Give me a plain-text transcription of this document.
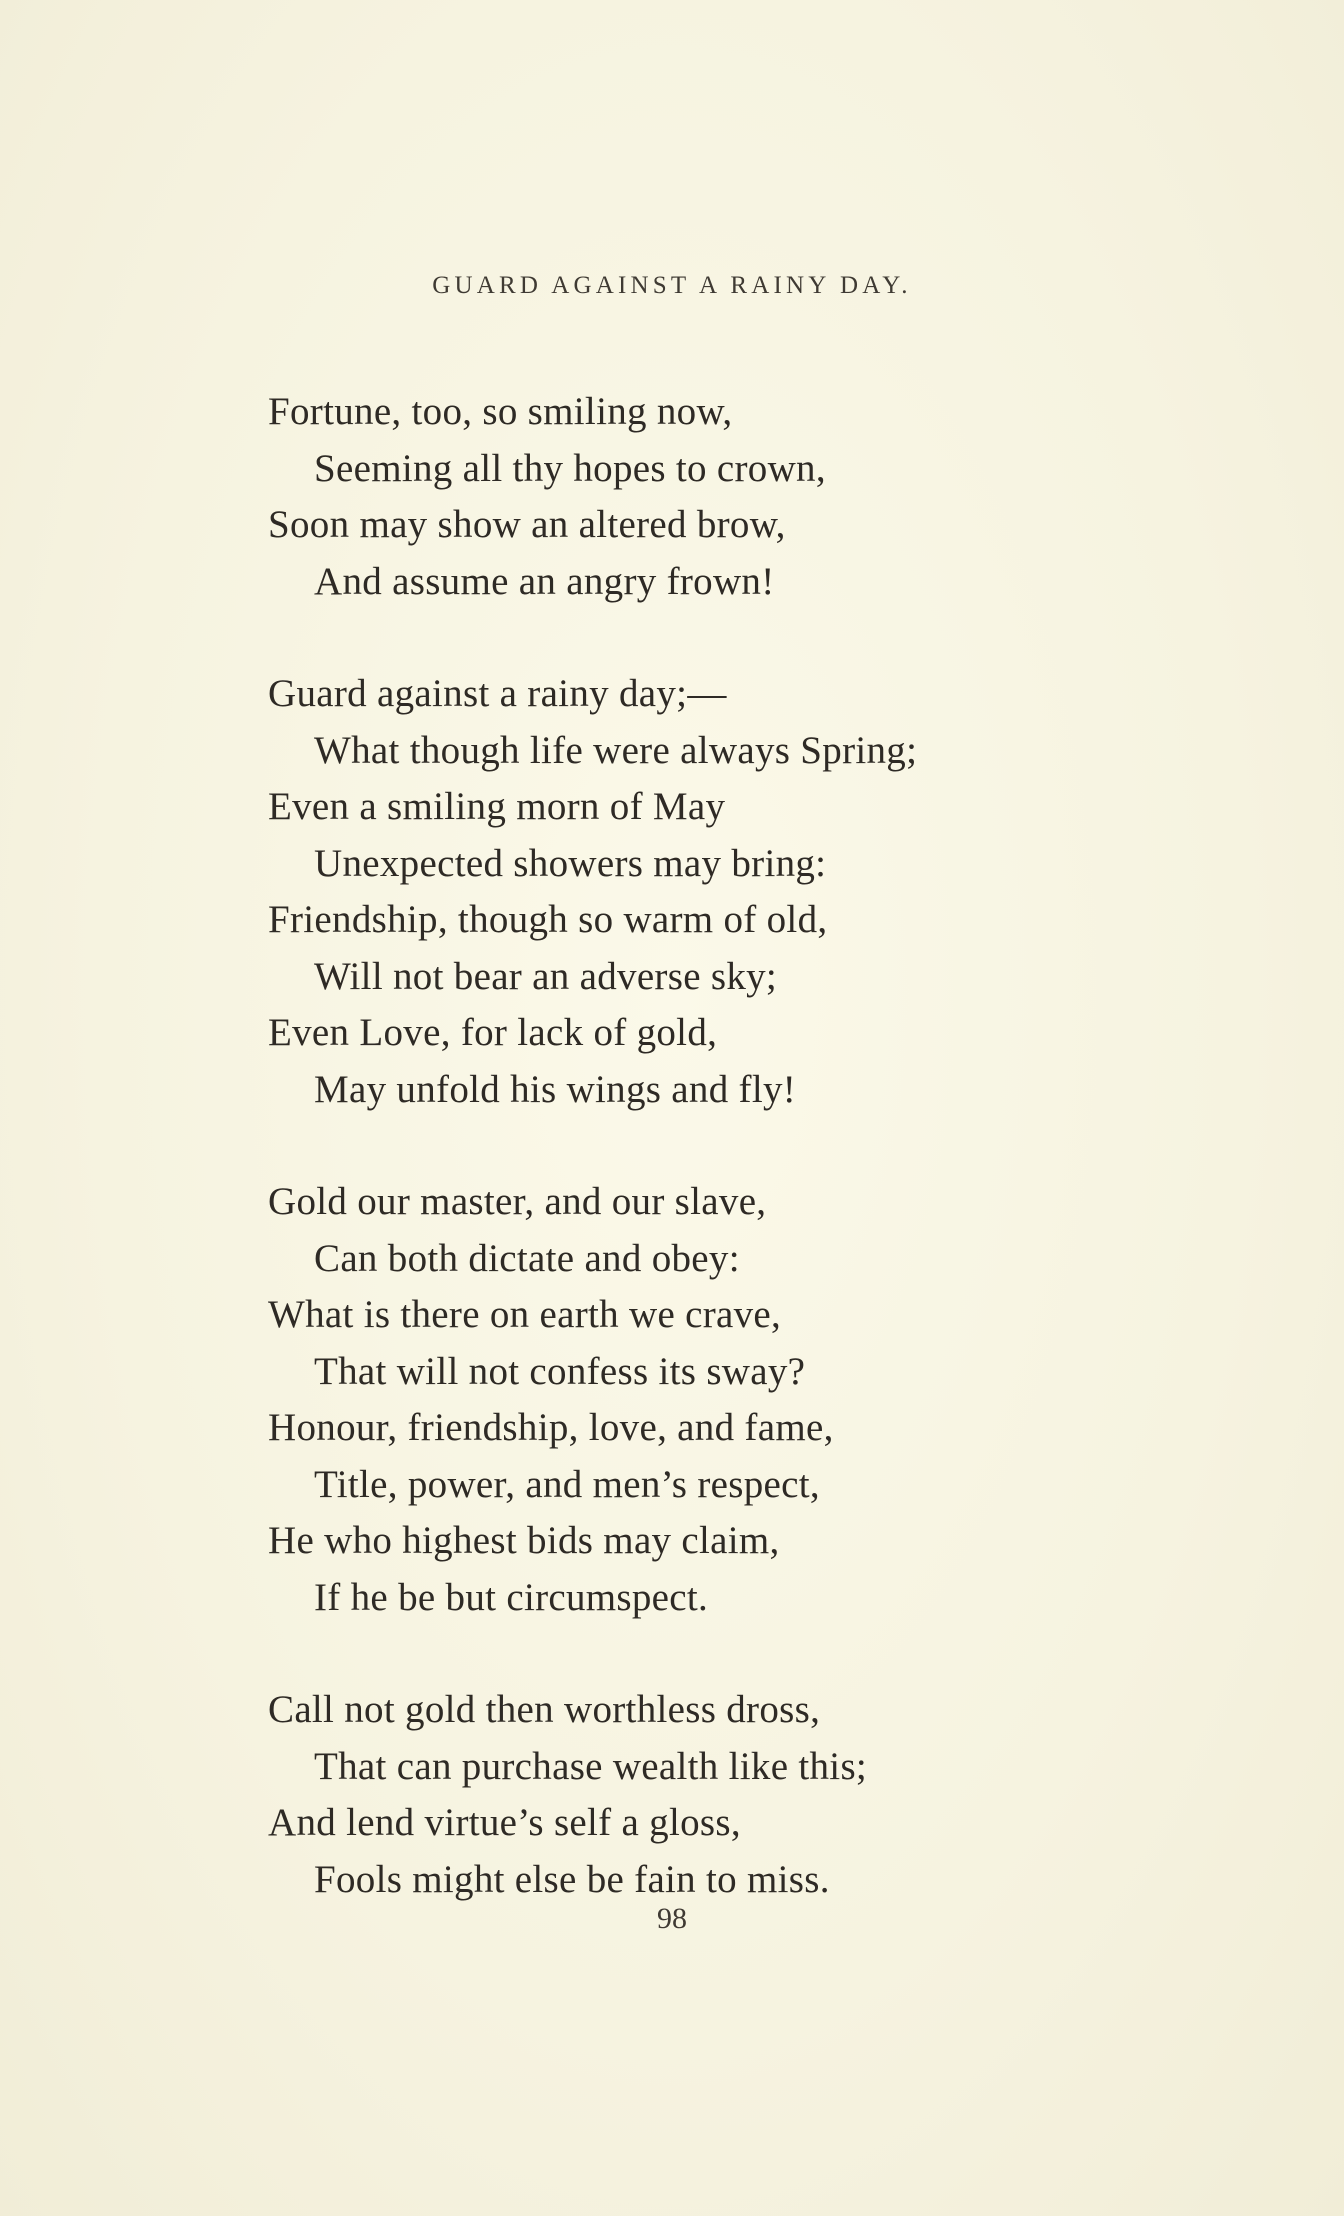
GUARD AGAINST A RAINY DAY.
Fortune, too, so smiling now,
Seeming all thy hopes to crown,
Soon may show an altered brow,
And assume an angry frown!
Guard against a rainy day;—
What though life were always Spring;
Even a smiling morn of May
Unexpected showers may bring:
Friendship, though so warm of old,
Will not bear an adverse sky;
Even Love, for lack of gold,
May unfold his wings and fly!
Gold our master, and our slave,
Can both dictate and obey:
What is there on earth we crave,
That will not confess its sway?
Honour, friendship, love, and fame,
Title, power, and men’s respect,
He who highest bids may claim,
If he be but circumspect.
Call not gold then worthless dross,
That can purchase wealth like this;
And lend virtue’s self a gloss,
Fools might else be fain to miss.
98
